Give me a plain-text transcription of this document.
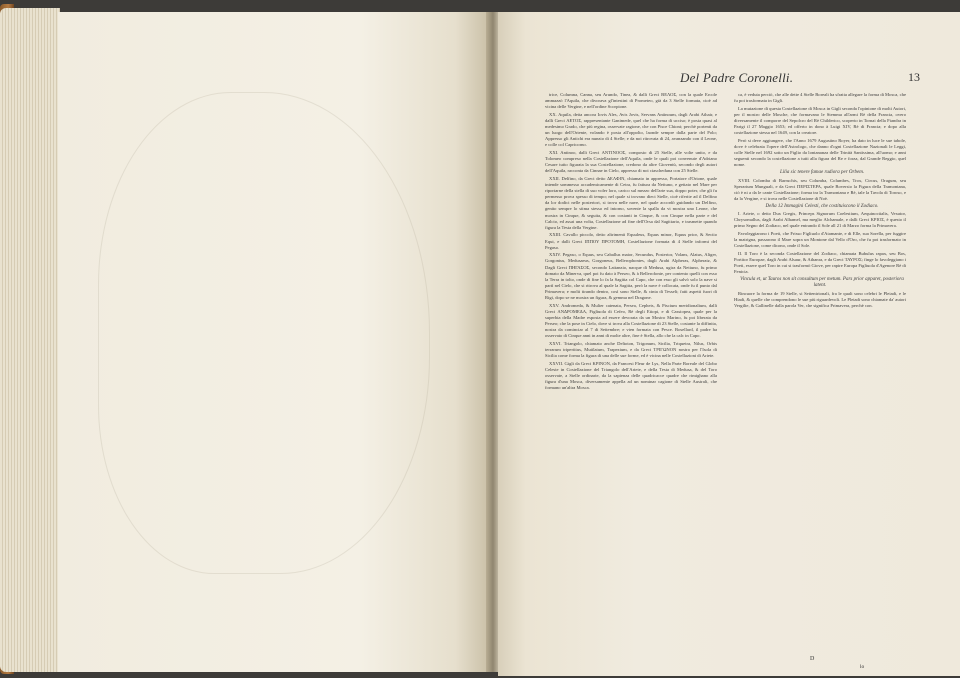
Del Padre Coronelli.	13

trice, Columna, Canna, seu Arundo, Tinea, & dalli Greci ΒΕΛΟΣ, con la quale Ercole ammazzò l'Aquila, che divorava gl'intestini di Prometeo, già da 3 Stelle formata, cioè ad vicina delle Vergine, e nell'ordine Scorpione.

XX. Aquila, detta ancora Iovis Ales, Avis Jovis, Servans Antinoum, dagli Arabi Athair, e dalli Greci ΑΕΤΟΣ, rappresentante Ganimede, quel che ha forma di ucciso; è posta quasi al medesimo Grado, che più regina, osservate ragione, che con Pisce Chioni; perchè portenti da un luogo dell'Oriente, volando è posta all'oppolto, laonde sempre dalla parte del Polo; Appresso gli Antichi era nunzio di 4 Stelle; e da noi ritrovata di 24, avanzando con il Leone, e colle col Capricorno.

XXI. Antinoo, dalli Greci ΑΝΤΙΝΟΟΣ, composto di 25 Stelle, alle volte unito, e da Tolomeo compreso nella Costellazione dell'Aquila, onde le quali poi convenute d'Adriano Cesare tutto figurata la sua Costellazione, credono da altre Gioventù, secondo degli autori dell'Aquila, racconta da Cinnae in Cielo, appresso di noi ciascheduna con 25 Stelle.

XXII. Delfino, da Greci detto ΔΕΛΦΙΝ, chiamato in appresso, Portatore d'Orione, quale intende sommesso accademicamente di Cetra, fu fattura da Nettuno, e gettato nel Mare per riportarne della stella di suo voler loro, carico sul mezzo dell'arte sua, doppo poter, che gli fu permesso prova spesso di tempo; nel quale si trovano dieci Stelle, cioè riferite ad il Delfino da lor dodici nelle posteriori, si trova nelle nave, nel quale accordò guidando un Delfino, genito sempre lo stima stesso ed intorno, sovente la spalla da vi mostra uno Leone, che mostra in Cinque, & seguita, & con costanti in Cinque, & con Cinque nella parte e del Calcio, ed assai una volta, Costellazione ad fine dell'Orsa dal Sagittario, e trasmette quando figura la Testa della Vergine.

XXIII. Cavallo piccolo, detto altrimenti Equuleus, Equus minor, Equus prior, & Sectio Equi, e dalli Greci ΙΠΠΟΥ ΠΡΟΤΟΜΗ, Costellazione formata di 4 Stelle informi del Pegaso.

XXIV. Pegaso, o Equus, seu Caballus maior, Secundus, Posterior, Volans, Alatus, Aliger, Gorgonius, Medusaeus, Gorgoneus, Bellerophontes, dagli Arabi Alpheras, Alpheratz, & Dagli Greci ΠΗΓΑΣΟΣ, secondo Lattanzio, nacque di Medusa, ugira da Nettuno, fu primo domato da Minerva, quel poi fu dato à Perseo, & à Bellerofonte, per contento quelli con esso la Terra in tolto, onde di fine lo fa la Sagitta col Capo, che con esso gli salvò solo la nave si partì nel Cielo, che si ritrova al quale la Sagitta, però la nave è collocata, onde fu il punto dal Primavera; e molti tirando dentro, così sono Stelle, & cinta di Tesseli; fatti aspetti fuori di Rigi, dopo se ne mostra un figura, & gemma nel Dragone.

XXV. Andromeda, & Mulier catenata, Persea, Cepheis, & Piscium meridionalium, dalli Greci ΑΝΔΡΟΜΕΔΑ, Figliuola di Cefeo, Rè degli Etiopi, e di Cassiopea, quale per la superbia della Madre esposta ad essere devorata da un Mostro Marino, fu poi liberata da Perseo; che la pose in Cielo, dove si trova alla Costellazione di 23 Stelle, costante la diffinita, nostra da cominciar al 7 di Settembre; e vien formata con Pesce. Bosellard, il padre ha osservato di Cinque anni in anni di molte altre, fine è Stella, allo che la calc in Capo.

XXVI. Triangolo, chiamato anche Deltoton, Trigonum, Sicilia, Triquetra, Nilus, Orbis terrarum tripertitus, Mutilatum, Trapezium, e da Greci ΤΡΙΓΩΝΟΝ nostra per l'Isola di Sicilia come forma la figura di una delle sue forme, ed è vicina nelle Costellazioni di Ariete.

XXVII. Gigli da Greci ΚΡΙΝΟΝ, da Francesi Fleur de Lys, Nella Parte Boreale del Globo Celeste in Costellazione del Triangolo dell'Ariete, e della Testa di Medusa, & del Toro osservate, a Stelle ordinarie, da la sapienza delle quadricacce quadre che rimighano alla figura d'una Mosca, diversamente appella ad un nominar cagione di Stelle Australi, che formano un'altra Mosca.

ca, è veduta perciò, che alle dette 4 Stelle Boreali ha sfratta allegare la forma di Mosca, che fu poi trasformata in Gigli.

La mutazione di questa Costellazione di Mosca in Gigli seconda l'opinione di molti Autori, per il mostro delle Mosche, che formavano le Stemma all'armi Rè della Francia, overo diversamente il comporre del Sepolcro del Rè Childerico, scoperto in Tornai della Fiandra in Parigi il 27 Maggio 1653; ed offerto in dono à Luigi XIV, Rè di Francia; e dopo alla costellazione stessa nel 1649, con la creatore.

Però si deve aggiungere, che l'Anno 1679 Augustino Royer, ha dato in luce le sue tabole, dove è celebrata l'opere dell'Astrologo, che danno d'ogni Costellazione Nazionali le Leggi, colle Stelle nel 1692 sotto un Figlio da lontananza delle Trinità Santissima, all'uomo; e anni seguenti secondo la costellazione a tutti alla figura del Re e forza, dal Grande Reggio, quel nome.

Lilia sic tenere famae rudiora per Orbem.

XVIII. Colomba di Barruchis, seu Columba, Columbes, Trox, Circus, Oragum, seu Sperarium Munguali, e da Greci ΠΕΡΙΣΤΕΡΑ, quale Boversio la Figura della Tramontana, ciò è ni a da le cante Costellazione; forma tra la Tramontana e Rè, tale la Tavola di Toroso, e da la Vergine, e si trova nelle Costellazione di Noè.

Della 12 Immagini Celesti, che costituiscono il Zodiaco.

I. Ariete, o detto Dux Gregis, Princeps Signorum Coelestium, Aequinoctialis, Vexator, Chrysomallus, dagli Arabi Alhamel, ma meglio Alchamale, e dalli Greci ΚΡΙΟΣ, è questo il primo Segno del Zodiaco, nel quale entrando il Sole all 21 di Marzo forma la Primavera.

Favoleggiarono i Poeti, che Frisso Figliuolo d'Atamante, e di Elle, sua Sorella, per fuggire la matrigna, passarono il Mare sopra un Montone dal Vello d'Oro, che fu poi trasformato in Costellazione, come dicono, onde il Sole.

II. Il Toro è la seconda Costellazione del Zodiaco, chiamata Bubulus rapax, seu Bos, Portitor Europae, dagli Arabi Alsaur, & Athanra, e da Greci ΤΑΥΡΟΣ; finge lo favoleggiano i Poeti, essere quel Toro in cui si trasformò Giove, per rapire Europa Figliuola d'Agenore Rè di Fenicia.

Vincula et, ut Tauros non sit consultum per metum. Pars prior apparet, posteriora latent.

Rincuore la forma de 19 Stelle, si Settentrionali, fra le quali sono celebri le Pleiadi, e le Hiadi, & quelle che comprendono le sue più riguardevoli. Le Pleiadi sono chiamate da' autori Vergilie, & Gallinelle dalla parola Ver, che significa Primavera, perchè con.

D
lo
